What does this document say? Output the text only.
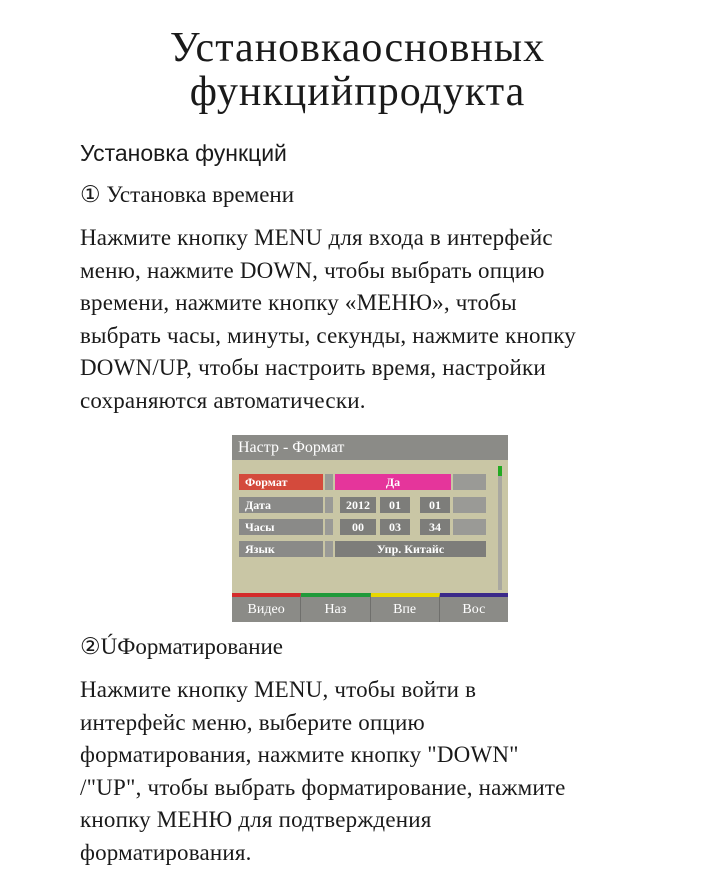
Установкаосновных
функцийпродукта
Установка функций
① Установка времени
Нажмите кнопку MENU для входа в интерфейс
меню, нажмите DOWN, чтобы выбрать опцию
времени, нажмите кнопку «МЕНЮ», чтобы
выбрать часы, минуты, секунды, нажмите кнопку
DOWN/UP, чтобы настроить время, настройки
сохраняются автоматически.
Настр - Формат
Формат	Да
Дата	2012	01	01
Часы	00	03	34
Язык	Упр. Китайс
Видео	Наз	Впе	Вос
②ÚФорматирование
Нажмите кнопку MENU, чтобы войти в
интерфейс меню, выберите опцию
форматирования, нажмите кнопку "DOWN"
/"UP", чтобы выбрать форматирование, нажмите
кнопку МЕНЮ для подтверждения
форматирования.
